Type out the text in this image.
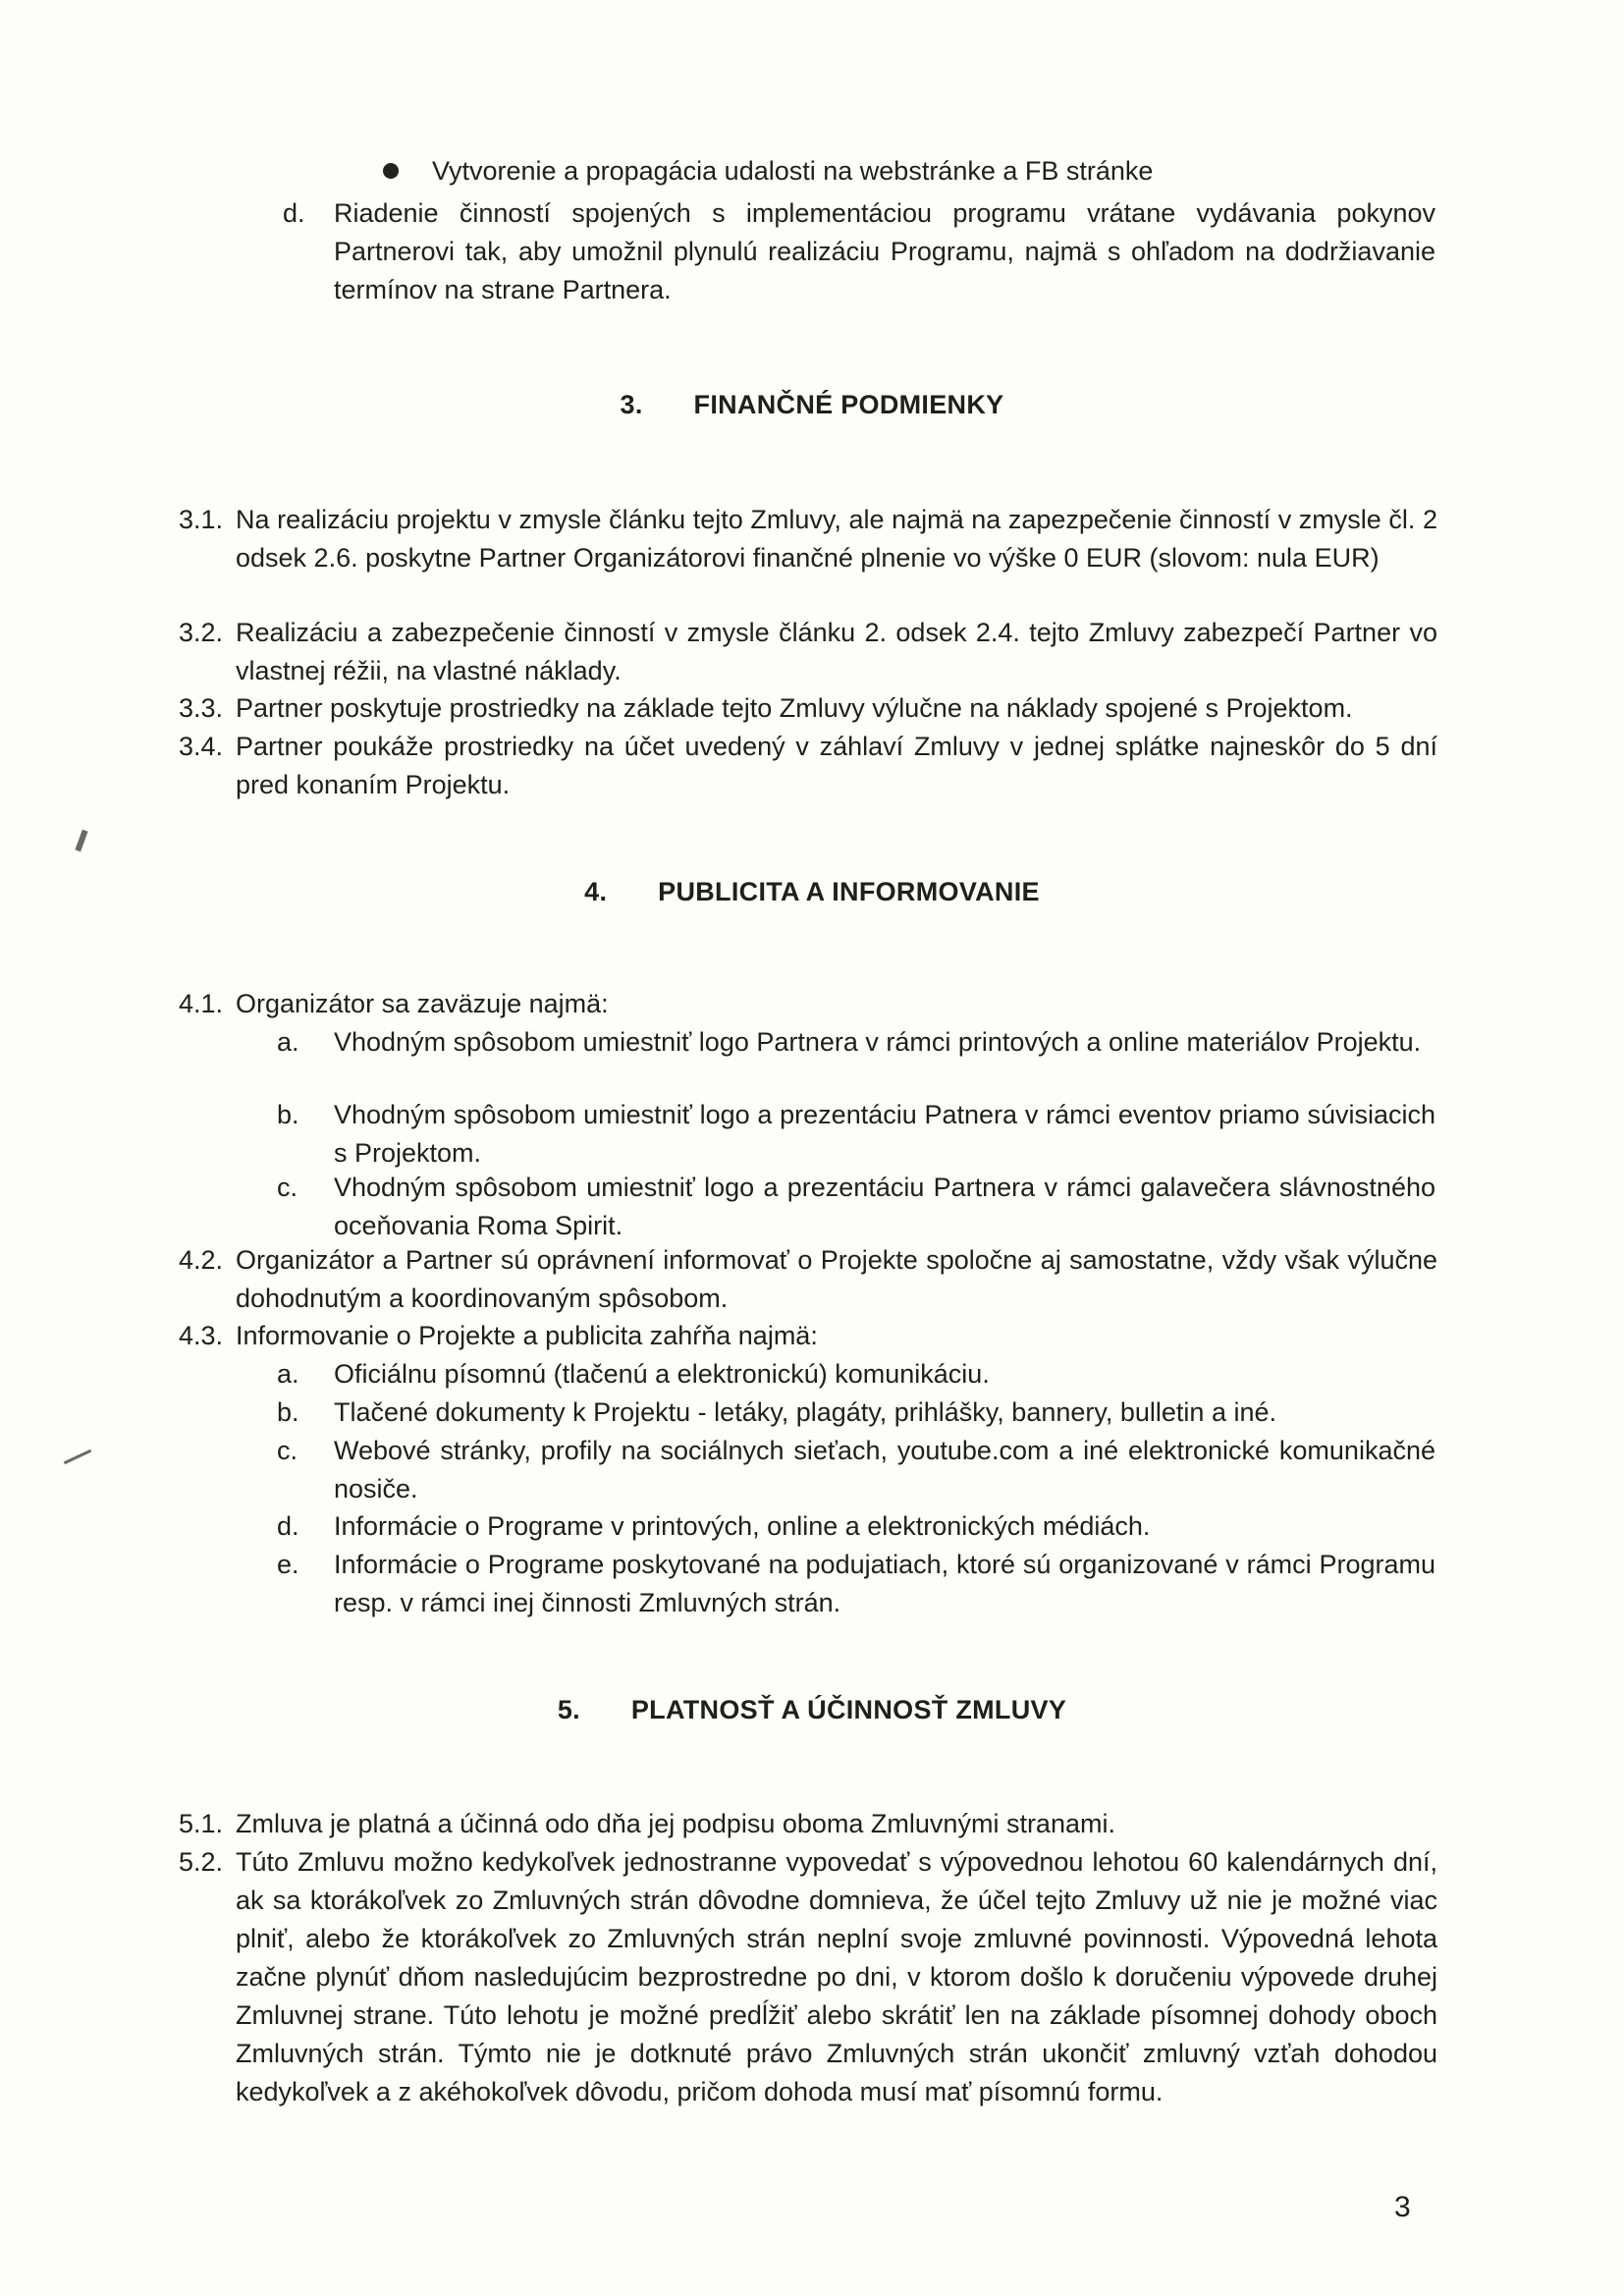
Vytvorenie a propagácia udalosti na webstránke a FB stránke
d. Riadenie činností spojených s implementáciou programu vrátane vydávania pokynov Partnerovi tak, aby umožnil plynulú realizáciu Programu, najmä s ohľadom na dodržiavanie termínov na strane Partnera.
3. FINANČNÉ PODMIENKY
3.1. Na realizáciu projektu v zmysle článku tejto Zmluvy, ale najmä na zapezpečenie činností v zmysle čl. 2 odsek 2.6. poskytne Partner Organizátorovi finančné plnenie vo výške 0 EUR (slovom: nula EUR)
3.2. Realizáciu a zabezpečenie činností v zmysle článku 2. odsek 2.4. tejto Zmluvy zabezpečí Partner vo vlastnej réžii, na vlastné náklady.
3.3. Partner poskytuje prostriedky na základe tejto Zmluvy výlučne na náklady spojené s Projektom.
3.4. Partner poukáže prostriedky na účet uvedený v záhlaví Zmluvy v jednej splátke najneskôr do 5 dní pred konaním Projektu.
4. PUBLICITA A INFORMOVANIE
4.1. Organizátor sa zaväzuje najmä:
a. Vhodným spôsobom umiestniť logo Partnera v rámci printových a online materiálov Projektu.
b. Vhodným spôsobom umiestniť logo a prezentáciu Patnera v rámci eventov priamo súvisiacich s Projektom.
c. Vhodným spôsobom umiestniť logo a prezentáciu Partnera v rámci galavečera slávnostného oceňovania Roma Spirit.
4.2. Organizátor a Partner sú oprávnení informovať o Projekte spoločne aj samostatne, vždy však výlučne dohodnutým a koordinovaným spôsobom.
4.3. Informovanie o Projekte a publicita zahŕňa najmä:
a. Oficiálnu písomnú (tlačenú a elektronickú) komunikáciu.
b. Tlačené dokumenty k Projektu - letáky, plagáty, prihlášky, bannery, bulletin a iné.
c. Webové stránky, profily na sociálnych sieťach, youtube.com a iné elektronické komunikačné nosiče.
d. Informácie o Programe v printových, online a elektronických médiách.
e. Informácie o Programe poskytované na podujatiach, ktoré sú organizované v rámci Programu resp. v rámci inej činnosti Zmluvných strán.
5. PLATNOSŤ A ÚČINNOSŤ ZMLUVY
5.1. Zmluva je platná a účinná odo dňa jej podpisu oboma Zmluvnými stranami.
5.2. Túto Zmluvu možno kedykoľvek jednostranne vypovedať s výpovednou lehotou 60 kalendárnych dní, ak sa ktorákoľvek zo Zmluvných strán dôvodne domnieva, že účel tejto Zmluvy už nie je možné viac plniť, alebo že ktorákoľvek zo Zmluvných strán neplní svoje zmluvné povinnosti. Výpovedná lehota začne plynúť dňom nasledujúcim bezprostredne po dni, v ktorom došlo k doručeniu výpovede druhej Zmluvnej strane. Túto lehotu je možné predĺžiť alebo skrátiť len na základe písomnej dohody oboch Zmluvných strán. Týmto nie je dotknuté právo Zmluvných strán ukončiť zmluvný vzťah dohodou kedykoľvek a z akéhokoľvek dôvodu, pričom dohoda musí mať písomnú formu.
3
